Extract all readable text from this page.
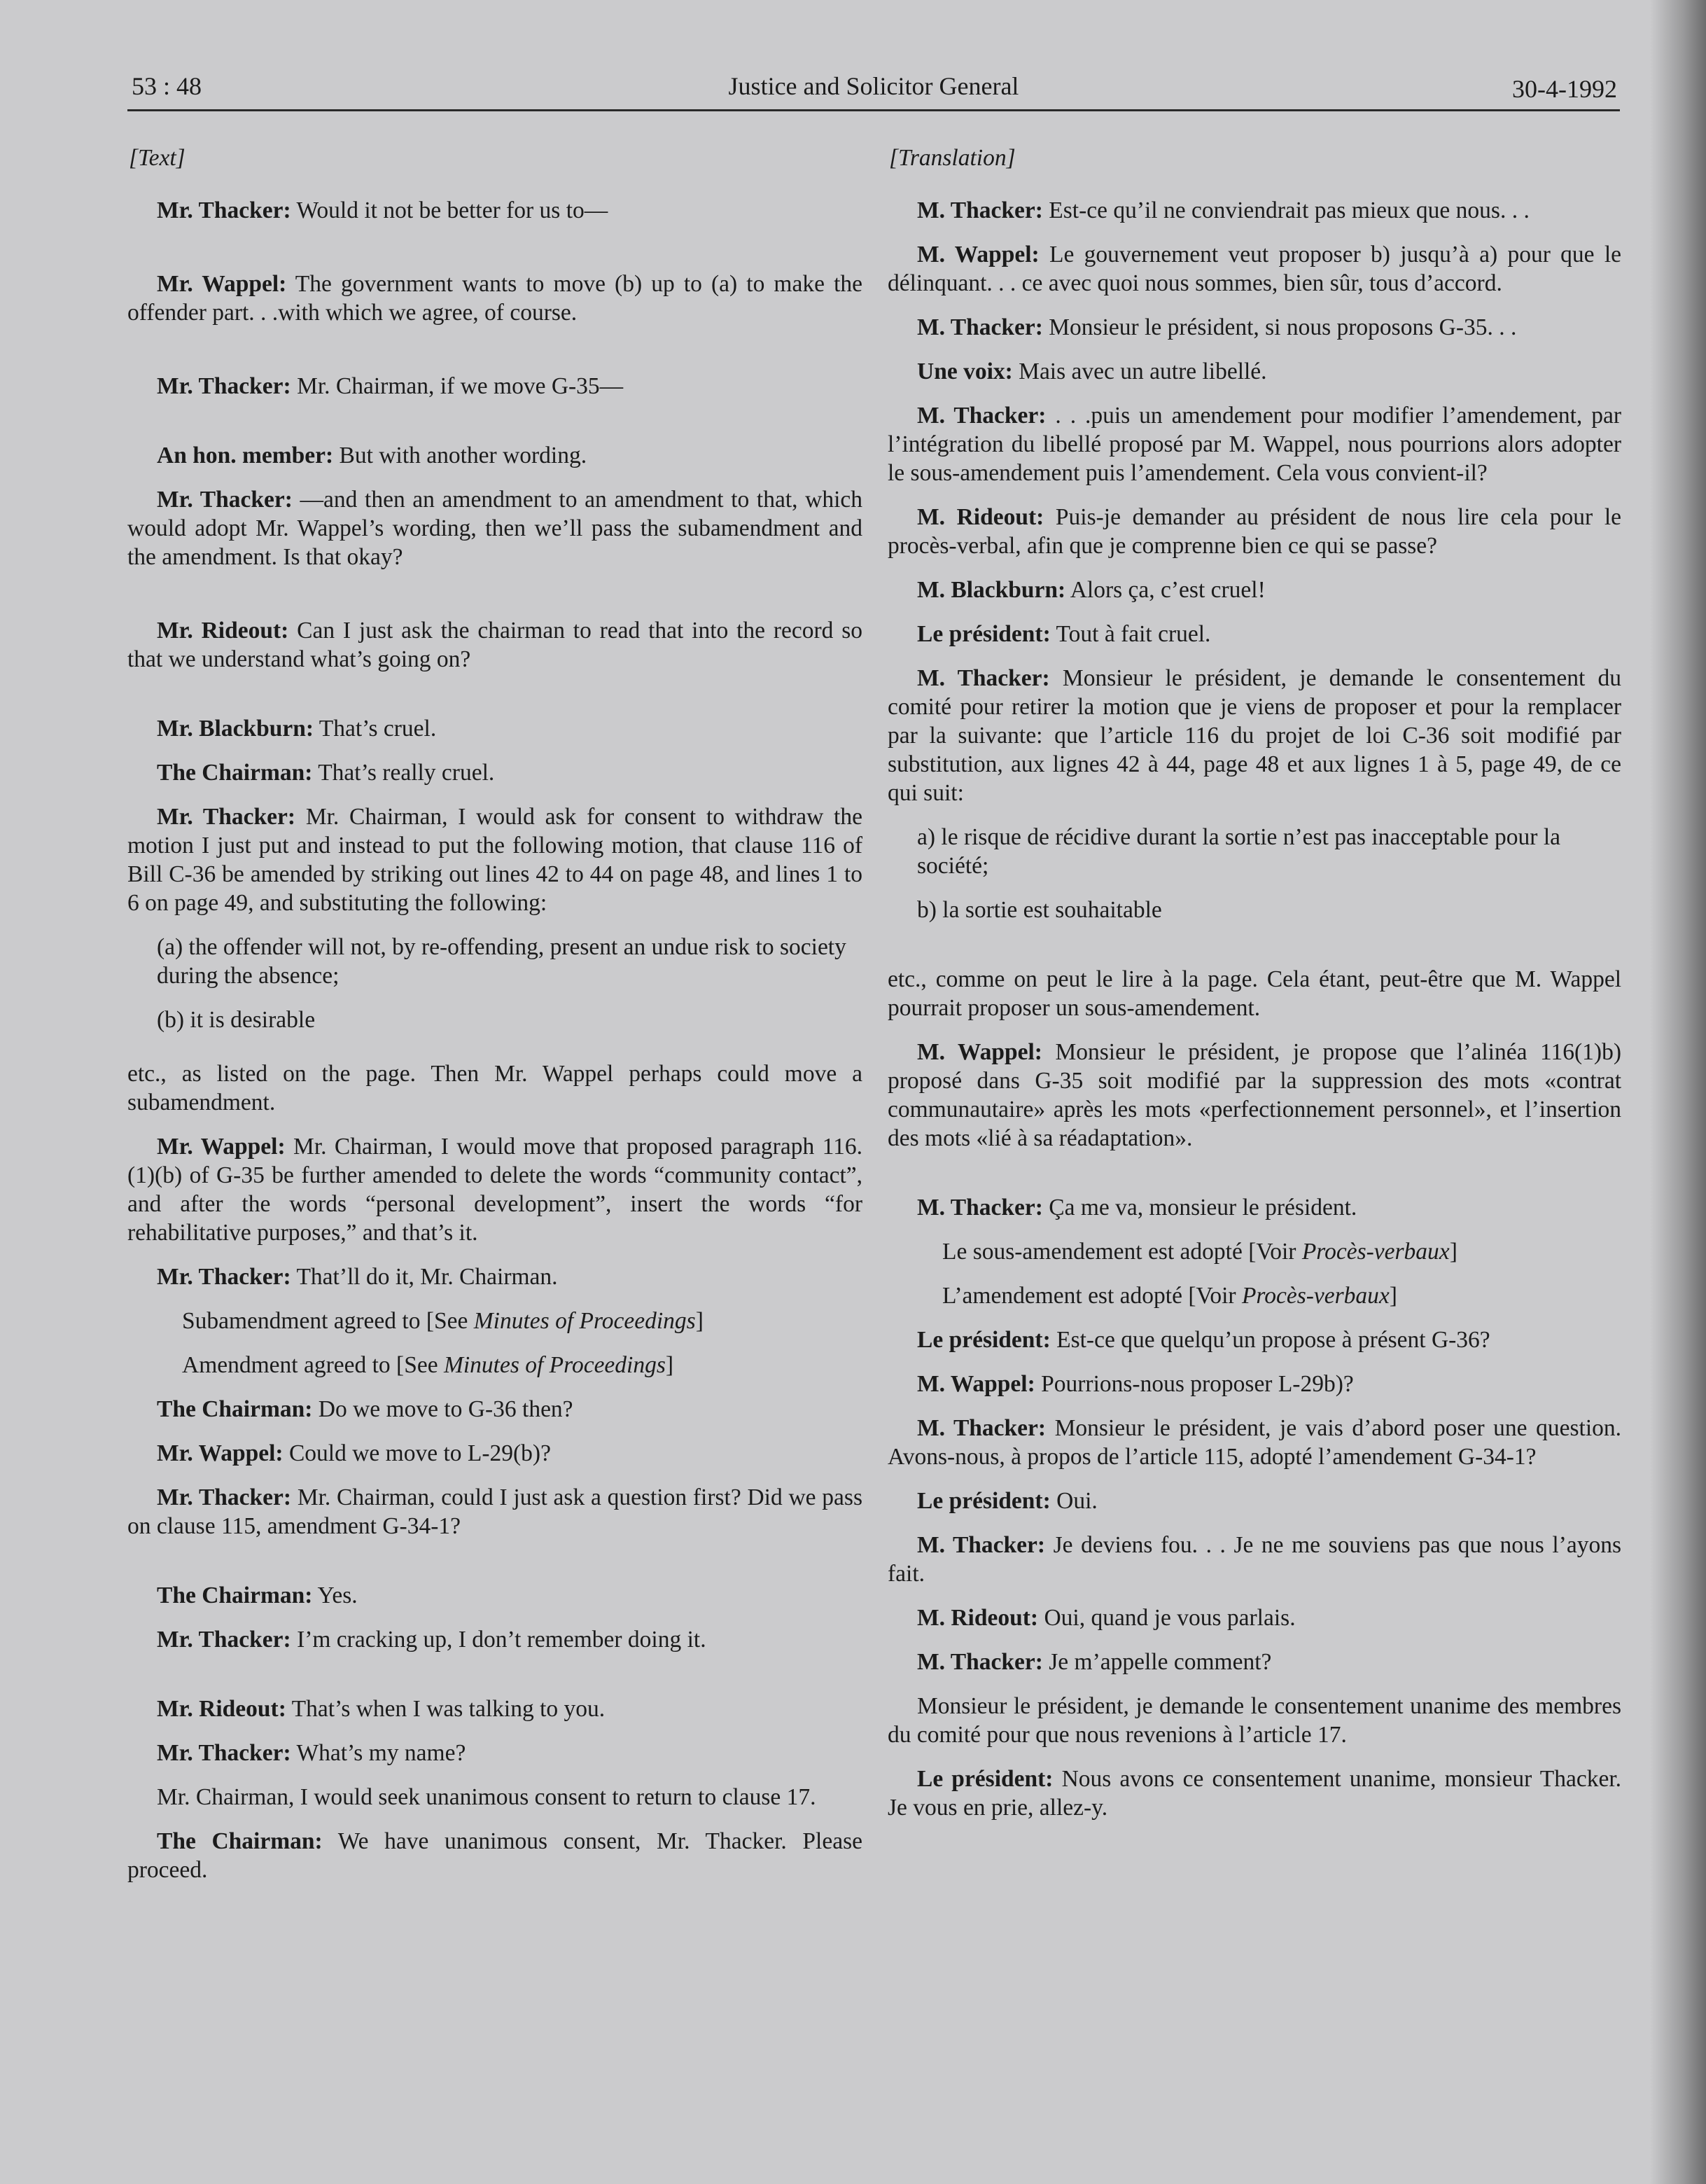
53 : 48	Justice and Solicitor General	30-4-1992

[Text]

Mr. Thacker: Would it not be better for us to—

Mr. Wappel: The government wants to move (b) up to (a) to make the offender part. . .with which we agree, of course.

Mr. Thacker: Mr. Chairman, if we move G-35—

An hon. member: But with another wording.

Mr. Thacker: —and then an amendment to an amendment to that, which would adopt Mr. Wappel’s wording, then we’ll pass the subamendment and the amendment. Is that okay?

Mr. Rideout: Can I just ask the chairman to read that into the record so that we understand what’s going on?

Mr. Blackburn: That’s cruel.

The Chairman: That’s really cruel.

Mr. Thacker: Mr. Chairman, I would ask for consent to withdraw the motion I just put and instead to put the following motion, that clause 116 of Bill C-36 be amended by striking out lines 42 to 44 on page 48, and lines 1 to 6 on page 49, and substituting the following:

(a) the offender will not, by re-offending, present an undue risk to society during the absence;

(b) it is desirable

etc., as listed on the page. Then Mr. Wappel perhaps could move a subamendment.

Mr. Wappel: Mr. Chairman, I would move that proposed paragraph 116.(1)(b) of G-35 be further amended to delete the words “community contact”, and after the words “personal development”, insert the words “for rehabilitative purposes,” and that’s it.

Mr. Thacker: That’ll do it, Mr. Chairman.

Subamendment agreed to [See Minutes of Proceedings]

Amendment agreed to [See Minutes of Proceedings]

The Chairman: Do we move to G-36 then?

Mr. Wappel: Could we move to L-29(b)?

Mr. Thacker: Mr. Chairman, could I just ask a question first? Did we pass on clause 115, amendment G-34-1?

The Chairman: Yes.

Mr. Thacker: I’m cracking up, I don’t remember doing it.

Mr. Rideout: That’s when I was talking to you.

Mr. Thacker: What’s my name?

Mr. Chairman, I would seek unanimous consent to return to clause 17.

The Chairman: We have unanimous consent, Mr. Thacker. Please proceed.

[Translation]

M. Thacker: Est-ce qu’il ne conviendrait pas mieux que nous. . .

M. Wappel: Le gouvernement veut proposer b) jusqu’à a) pour que le délinquant. . . ce avec quoi nous sommes, bien sûr, tous d’accord.

M. Thacker: Monsieur le président, si nous proposons G-35. . .

Une voix: Mais avec un autre libellé.

M. Thacker: . . .puis un amendement pour modifier l’amendement, par l’intégration du libellé proposé par M. Wappel, nous pourrions alors adopter le sous-amendement puis l’amendement. Cela vous convient-il?

M. Rideout: Puis-je demander au président de nous lire cela pour le procès-verbal, afin que je comprenne bien ce qui se passe?

M. Blackburn: Alors ça, c’est cruel!

Le président: Tout à fait cruel.

M. Thacker: Monsieur le président, je demande le consentement du comité pour retirer la motion que je viens de proposer et pour la remplacer par la suivante: que l’article 116 du projet de loi C-36 soit modifié par substitution, aux lignes 42 à 44, page 48 et aux lignes 1 à 5, page 49, de ce qui suit:

a) le risque de récidive durant la sortie n’est pas inacceptable pour la société;

b) la sortie est souhaitable

etc., comme on peut le lire à la page. Cela étant, peut-être que M. Wappel pourrait proposer un sous-amendement.

M. Wappel: Monsieur le président, je propose que l’alinéa 116(1)b) proposé dans G-35 soit modifié par la suppression des mots «contrat communautaire» après les mots «perfectionnement personnel», et l’insertion des mots «lié à sa réadaptation».

M. Thacker: Ça me va, monsieur le président.

Le sous-amendement est adopté [Voir Procès-verbaux]

L’amendement est adopté [Voir Procès-verbaux]

Le président: Est-ce que quelqu’un propose à présent G-36?

M. Wappel: Pourrions-nous proposer L-29b)?

M. Thacker: Monsieur le président, je vais d’abord poser une question. Avons-nous, à propos de l’article 115, adopté l’amendement G-34-1?

Le président: Oui.

M. Thacker: Je deviens fou. . . Je ne me souviens pas que nous l’ayons fait.

M. Rideout: Oui, quand je vous parlais.

M. Thacker: Je m’appelle comment?

Monsieur le président, je demande le consentement unanime des membres du comité pour que nous revenions à l’article 17.

Le président: Nous avons ce consentement unanime, monsieur Thacker. Je vous en prie, allez-y.
